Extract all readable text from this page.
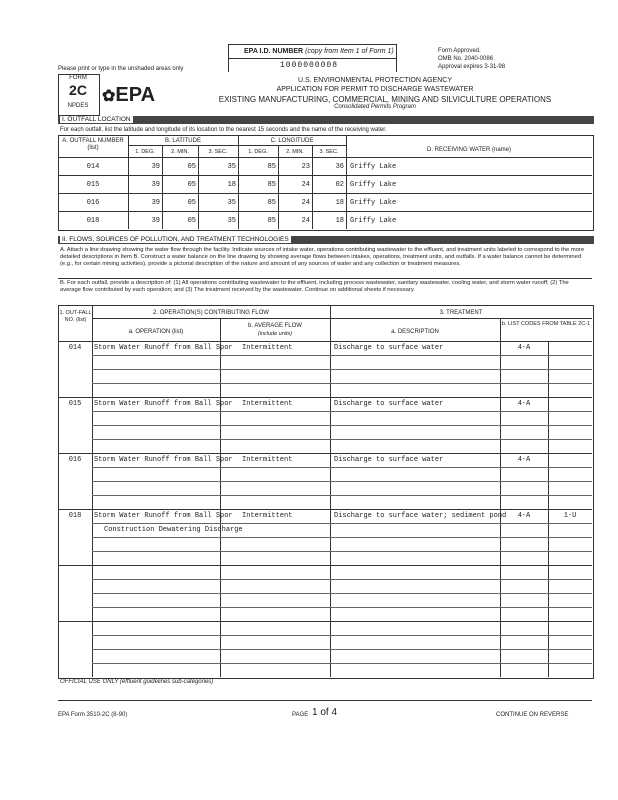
EPA I.D. NUMBER (copy from Item 1 of Form 1)
1000000008
Form Approved.
OMB No. 2040-0086
Approval expires 3-31-98
Please print or type in the unshaded areas only
FORM
2C
NPDES
✿EPA
U.S. ENVIRONMENTAL PROTECTION AGENCY
APPLICATION FOR PERMIT TO DISCHARGE WASTEWATER
EXISTING MANUFACTURING, COMMERCIAL, MINING AND SILVICULTURE OPERATIONS
Consolidated Permits Program
I. OUTFALL LOCATION
For each outfall, list the latitude and longitude of its location to the nearest 15 seconds and the name of the receiving water.
A. OUTFALL NUMBER (list)
B. LATITUDE	C. LONGITUDE
D. RECEIVING WATER (name)
1. DEG.	2. MIN.	3. SEC.	1. DEG.	2. MIN.	3. SEC.
014	39	05	35	85	23	36 Griffy Lake
015	39	05	18	85	24	02 Griffy Lake
016	39	05	35	85	24	18 Griffy Lake
018	39	05	35	85	24	18 Griffy Lake
II. FLOWS, SOURCES OF POLLUTION, AND TREATMENT TECHNOLOGIES
A. Attach a line drawing showing the water flow through the facility. Indicate sources of intake water, operations contributing wastewater to the effluent, and treatment units labeled to correspond to the more detailed descriptions in Item B. Construct a water balance on the line drawing by showing average flows between intakes, operations, treatment units, and outfalls. If a water balance cannot be determined (e.g., for certain mining activities), provide a pictorial description of the nature and amount of any sources of water and any collection or treatment measures.
B. For each outfall, provide a description of: (1) All operations contributing wastewater to the effluent, including process wastewater, sanitary wastewater, cooling water, and storm water runoff; (2) The average flow contributed by each operation; and (3) The treatment received by the wastewater. Continue on additional sheets if necessary.
1. OUT-FALL NO. (list)
2. OPERATION(S) CONTRIBUTING FLOW
a. OPERATION (list)
b. AVERAGE FLOW
(include units)
3. TREATMENT
a. DESCRIPTION
b. LIST CODES FROM TABLE 2C-1
014	Storm Water Runoff from Ball Spor Intermittent	Discharge to surface water	4-A
015	Storm Water Runoff from Ball Spor Intermittent	Discharge to surface water	4-A
016	Storm Water Runoff from Ball Spor Intermittent	Discharge to surface water	4-A
018	Storm Water Runoff from Ball Spor Intermittent	Discharge to surface water; sediment pond	4-A	1-U
Construction Dewatering Discharge
OFFICIAL USE ONLY (effluent guidelines sub-categories)
EPA Form 3510-2C (8-90)	PAGE 1 of 4	CONTINUE ON REVERSE
